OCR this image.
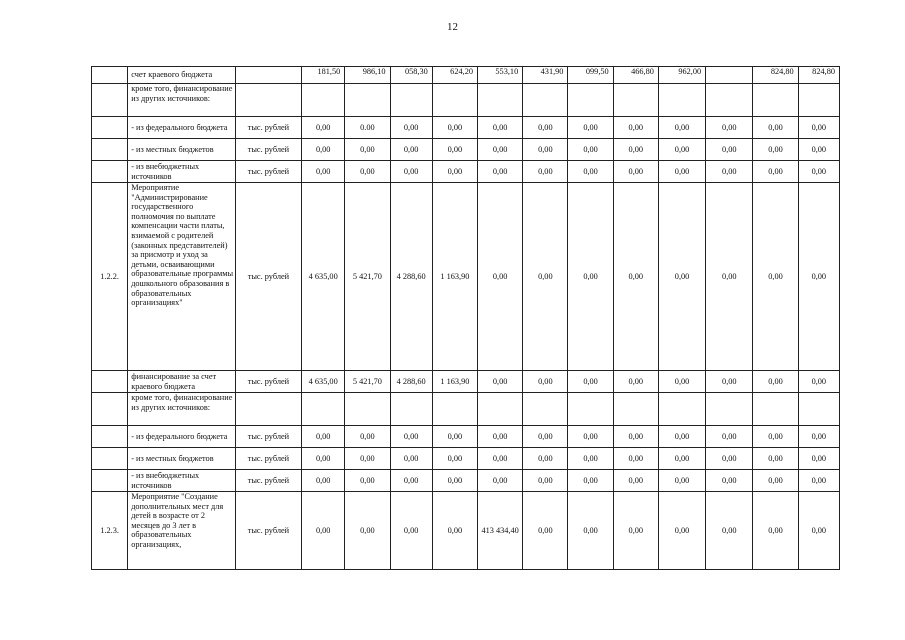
12
	счет краевого бюджета		181,50	986,10	058,30	624,20	553,10	431,90	099,50	466,80	962,00		824,80	824,80
	кроме того, финансирование из других источников:													
	- из федерального бюджета	тыс. рублей	0,00	0.00	0,00	0,00	0,00	0,00	0,00	0,00	0,00	0,00	0,00	0,00
	- из местных бюджетов	тыс. рублей	0,00	0,00	0,00	0,00	0,00	0,00	0,00	0,00	0,00	0,00	0,00	0,00
	- из внебюджетных источников	тыс. рублей	0,00	0,00	0,00	0,00	0,00	0,00	0,00	0,00	0,00	0,00	0,00	0,00
1.2.2.	Мероприятие "Администрирование государственного полномочия по выплате компенсации части платы, взимаемой с родителей (законных представителей) за присмотр и уход за детьми, осваивающими образовательные программы дошкольного образования в образовательных организациях"	тыс. рублей	4 635,00	5 421,70	4 288,60	1 163,90	0,00	0,00	0,00	0,00	0,00	0,00	0,00	0,00
	финансирование за счет краевого бюджета	тыс. рублей	4 635,00	5 421,70	4 288,60	1 163,90	0,00	0,00	0,00	0,00	0,00	0,00	0,00	0,00
	кроме того, финансирование из других источников:													
	- из федерального бюджета	тыс. рублей	0,00	0,00	0,00	0,00	0,00	0,00	0,00	0,00	0,00	0,00	0,00	0,00
	- из местных бюджетов	тыс. рублей	0,00	0,00	0,00	0,00	0,00	0,00	0,00	0,00	0,00	0,00	0,00	0,00
	- из внебюджетных источников	тыс. рублей	0,00	0,00	0,00	0,00	0,00	0,00	0,00	0,00	0,00	0,00	0,00	0,00
1.2.3.	Мероприятие "Создание дополнительных мест для детей в возрасте от 2 месяцев до 3 лет в образовательных организациях,	тыс. рублей	0,00	0,00	0,00	0,00	413 434,40	0,00	0,00	0,00	0,00	0,00	0,00	0,00
